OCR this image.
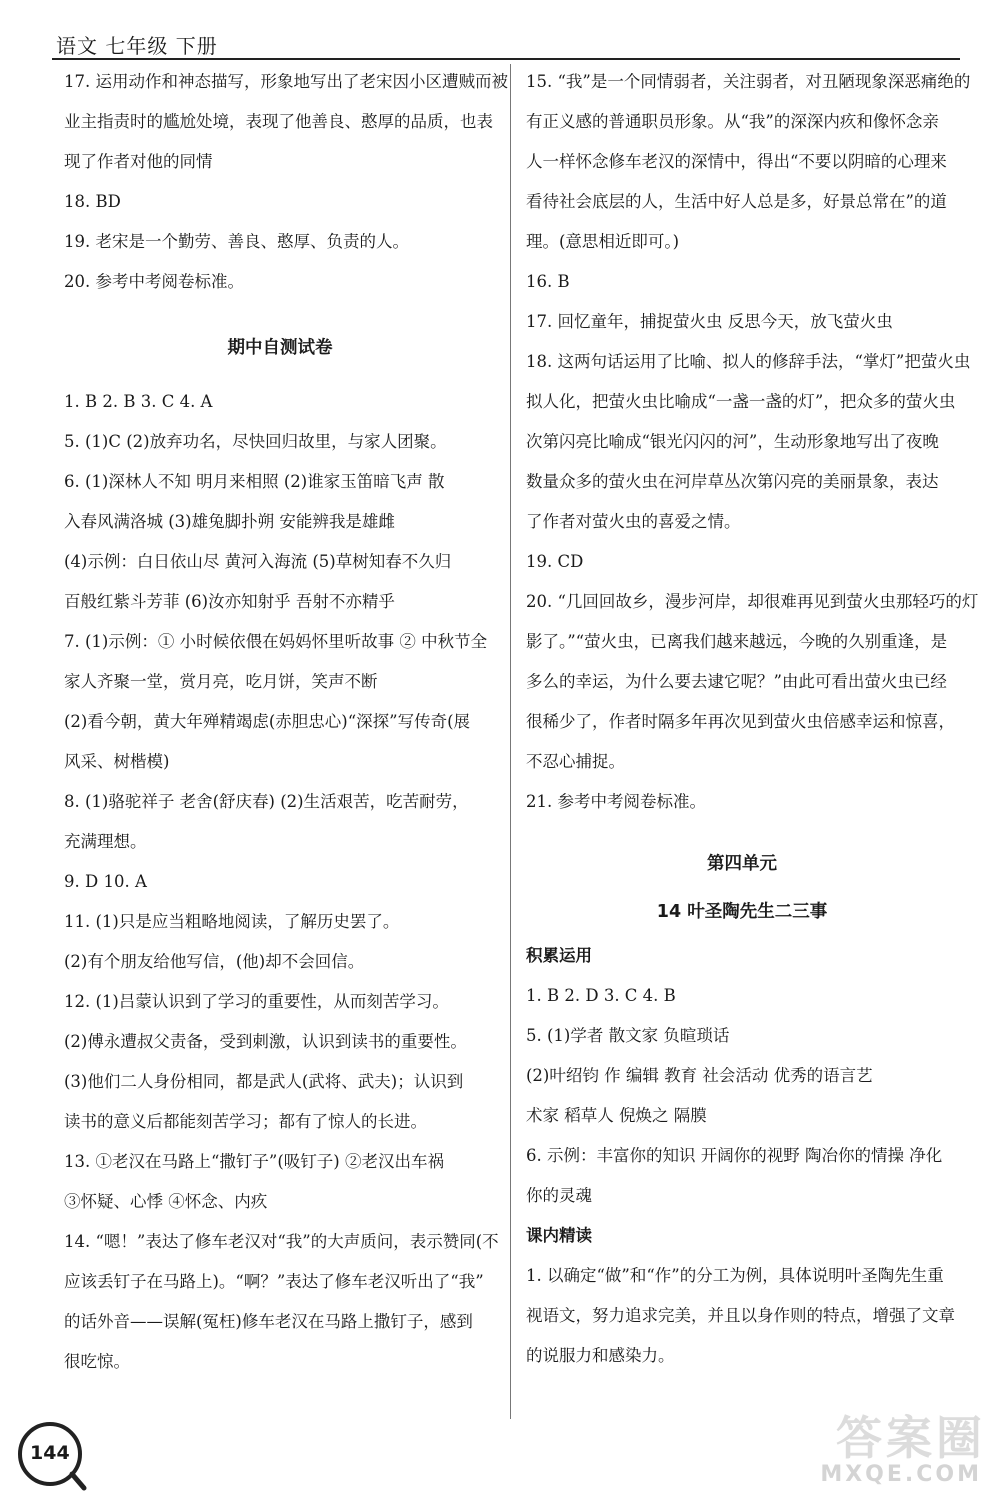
语文 七年级 下册
17. 运用动作和神态描写，形象地写出了老宋因小区遭贼而被
业主指责时的尴尬处境，表现了他善良、憨厚的品质，也表
现了作者对他的同情
18. BD
19. 老宋是一个勤劳、善良、憨厚、负责的人。
20. 参考中考阅卷标准。
期中自测试卷
1. B 2. B 3. C 4. A
5. (1)C (2)放弃功名，尽快回归故里，与家人团聚。
6. (1)深林人不知 明月来相照 (2)谁家玉笛暗飞声 散
入春风满洛城 (3)雄兔脚扑朔 安能辨我是雄雌
(4)示例：白日依山尽 黄河入海流 (5)草树知春不久归
百般红紫斗芳菲 (6)汝亦知射乎 吾射不亦精乎
7. (1)示例：① 小时候依偎在妈妈怀里听故事 ② 中秋节全
家人齐聚一堂，赏月亮，吃月饼，笑声不断
(2)看今朝，黄大年殚精竭虑(赤胆忠心)“深探”写传奇(展
风采、树楷模)
8. (1)骆驼祥子 老舍(舒庆春) (2)生活艰苦，吃苦耐劳，
充满理想。
9. D 10. A
11. (1)只是应当粗略地阅读，了解历史罢了。
(2)有个朋友给他写信，(他)却不会回信。
12. (1)吕蒙认识到了学习的重要性，从而刻苦学习。
(2)傅永遭叔父责备，受到刺激，认识到读书的重要性。
(3)他们二人身份相同，都是武人(武将、武夫)；认识到
读书的意义后都能刻苦学习；都有了惊人的长进。
13. ①老汉在马路上“撒钉子”(吸钉子) ②老汉出车祸
③怀疑、心悸 ④怀念、内疚
14. “嗯！”表达了修车老汉对“我”的大声质问，表示赞同(不
应该丢钉子在马路上)。“啊？”表达了修车老汉听出了“我”
的话外音——误解(冤枉)修车老汉在马路上撒钉子，感到
很吃惊。
15. “我”是一个同情弱者，关注弱者，对丑陋现象深恶痛绝的
有正义感的普通职员形象。从“我”的深深内疚和像怀念亲
人一样怀念修车老汉的深情中，得出“不要以阴暗的心理来
看待社会底层的人，生活中好人总是多，好景总常在”的道
理。(意思相近即可。)
16. B
17. 回忆童年，捕捉萤火虫 反思今天，放飞萤火虫
18. 这两句话运用了比喻、拟人的修辞手法，“掌灯”把萤火虫
拟人化，把萤火虫比喻成“一盏一盏的灯”，把众多的萤火虫
次第闪亮比喻成“银光闪闪的河”，生动形象地写出了夜晚
数量众多的萤火虫在河岸草丛次第闪亮的美丽景象，表达
了作者对萤火虫的喜爱之情。
19. CD
20. “几回回故乡，漫步河岸，却很难再见到萤火虫那轻巧的灯
影了。”“萤火虫，已离我们越来越远，今晚的久别重逢，是
多么的幸运，为什么要去逮它呢？”由此可看出萤火虫已经
很稀少了，作者时隔多年再次见到萤火虫倍感幸运和惊喜，
不忍心捕捉。
21. 参考中考阅卷标准。
第四单元
14 叶圣陶先生二三事
积累运用
1. B 2. D 3. C 4. B
5. (1)学者 散文家 负暄琐话
(2)叶绍钧 作 编辑 教育 社会活动 优秀的语言艺
术家 稻草人 倪焕之 隔膜
6. 示例：丰富你的知识 开阔你的视野 陶冶你的情操 净化
你的灵魂
课内精读
1. 以确定“做”和“作”的分工为例，具体说明叶圣陶先生重
视语文，努力追求完美，并且以身作则的特点，增强了文章
的说服力和感染力。
144	答案圈
MXQE.COM
